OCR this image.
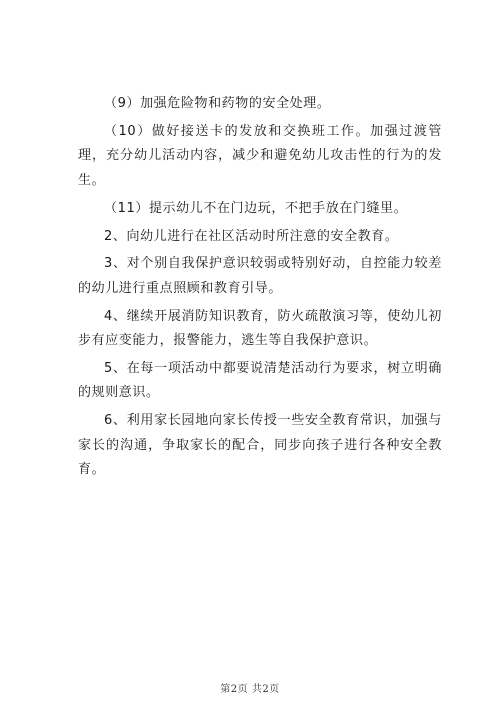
（9）加强危险物和药物的安全处理。

（10）做好接送卡的发放和交换班工作。加强过渡管理，充分幼儿活动内容，减少和避免幼儿攻击性的行为的发生。

（11）提示幼儿不在门边玩，不把手放在门缝里。

2、向幼儿进行在社区活动时所注意的安全教育。

3、对个别自我保护意识较弱或特别好动，自控能力较差的幼儿进行重点照顾和教育引导。

4、继续开展消防知识教育，防火疏散演习等，使幼儿初步有应变能力，报警能力，逃生等自我保护意识。

5、在每一项活动中都要说清楚活动行为要求，树立明确的规则意识。

6、利用家长园地向家长传授一些安全教育常识，加强与家长的沟通，争取家长的配合，同步向孩子进行各种安全教育。

第2页 共2页
